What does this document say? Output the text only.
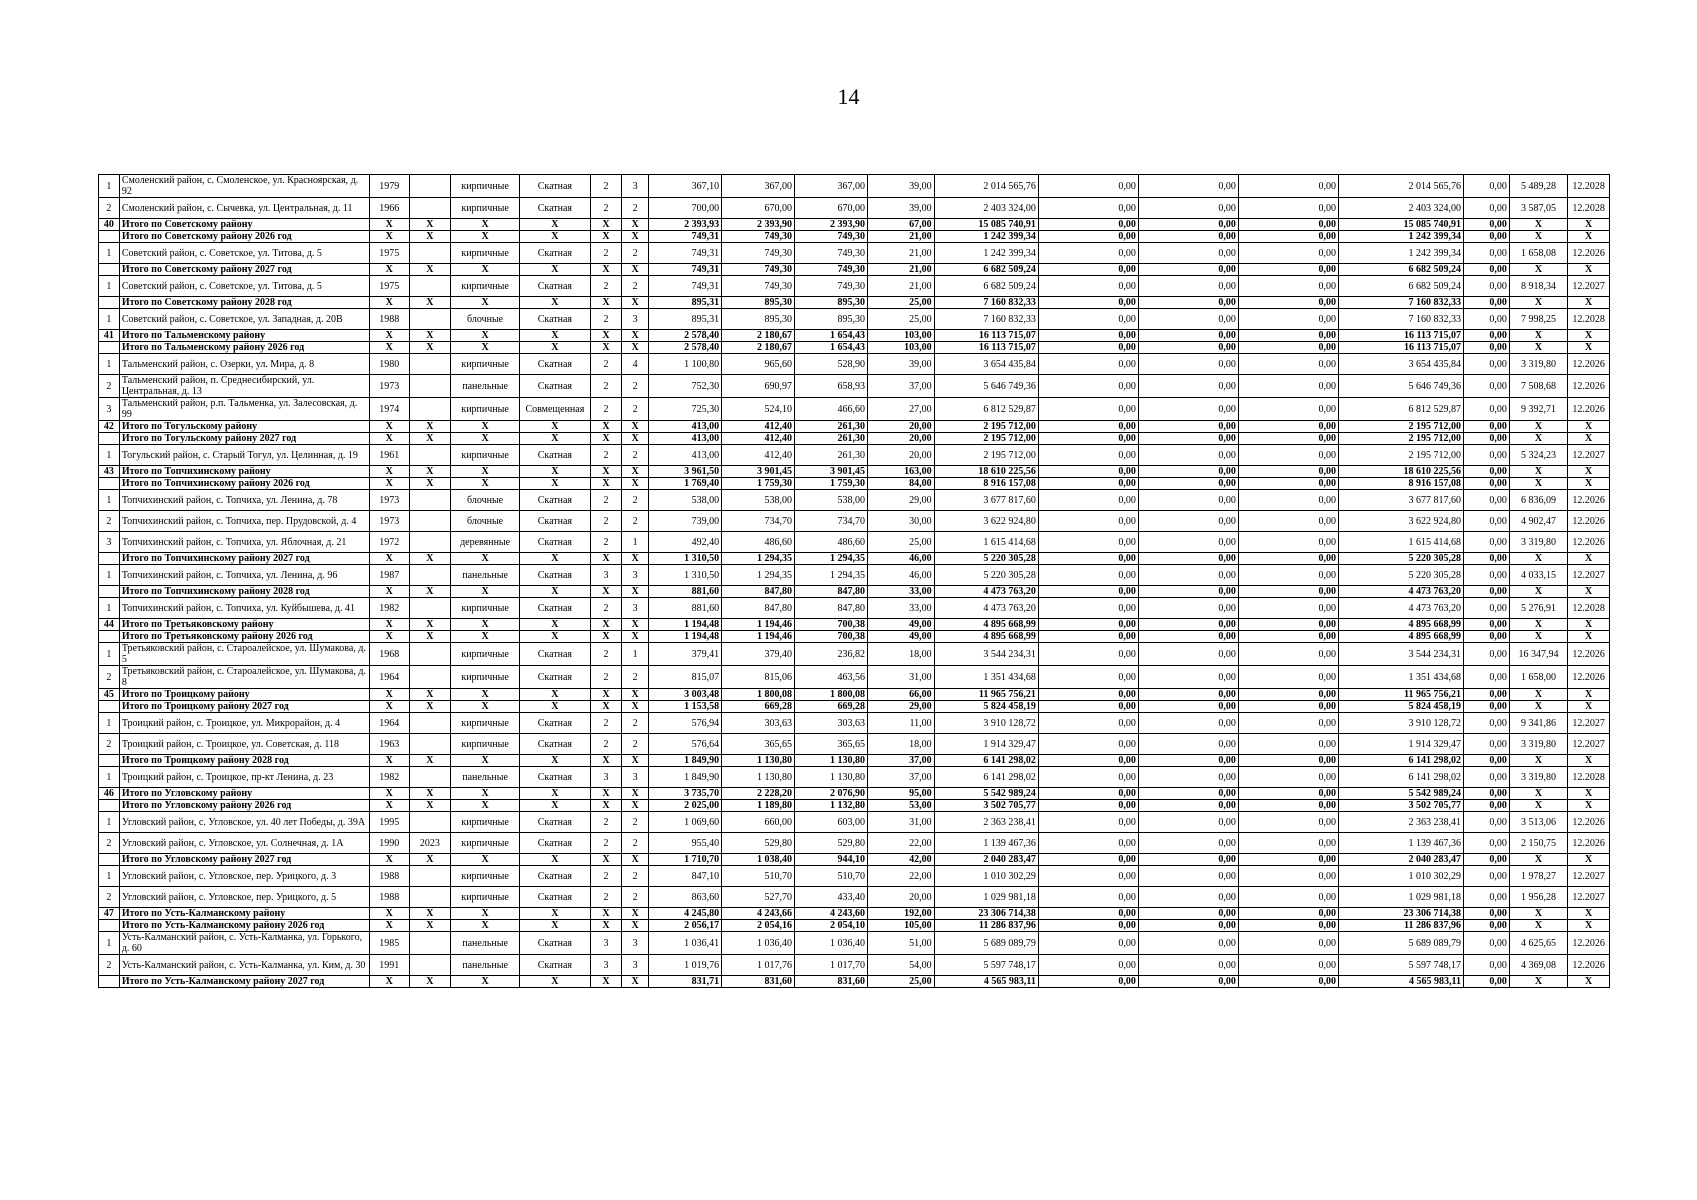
14
1	Смоленский район, с. Смоленское, ул. Красноярская, д. 92	1979		кирпичные	Скатная	2	3	367,10	367,00	367,00	39,00	2 014 565,76	0,00	0,00	0,00	2 014 565,76	0,00	5 489,28	12.2028
2	Смоленский район, с. Сычевка, ул. Центральная, д. 11	1966		кирпичные	Скатная	2	2	700,00	670,00	670,00	39,00	2 403 324,00	0,00	0,00	0,00	2 403 324,00	0,00	3 587,05	12.2028
40	Итого по Советскому району	X	X	X	X	X	X	2 393,93	2 393,90	2 393,90	67,00	15 085 740,91	0,00	0,00	0,00	15 085 740,91	0,00	X	X
	Итого по Советскому району 2026 год	X	X	X	X	X	X	749,31	749,30	749,30	21,00	1 242 399,34	0,00	0,00	0,00	1 242 399,34	0,00	X	X
1	Советский район, с. Советское, ул. Титова, д. 5	1975		кирпичные	Скатная	2	2	749,31	749,30	749,30	21,00	1 242 399,34	0,00	0,00	0,00	1 242 399,34	0,00	1 658,08	12.2026
	Итого по Советскому району 2027 год	X	X	X	X	X	X	749,31	749,30	749,30	21,00	6 682 509,24	0,00	0,00	0,00	6 682 509,24	0,00	X	X
1	Советский район, с. Советское, ул. Титова, д. 5	1975		кирпичные	Скатная	2	2	749,31	749,30	749,30	21,00	6 682 509,24	0,00	0,00	0,00	6 682 509,24	0,00	8 918,34	12.2027
	Итого по Советскому району 2028 год	X	X	X	X	X	X	895,31	895,30	895,30	25,00	7 160 832,33	0,00	0,00	0,00	7 160 832,33	0,00	X	X
1	Советский район, с. Советское, ул. Западная, д. 20В	1988		блочные	Скатная	2	3	895,31	895,30	895,30	25,00	7 160 832,33	0,00	0,00	0,00	7 160 832,33	0,00	7 998,25	12.2028
41	Итого по Тальменскому району	X	X	X	X	X	X	2 578,40	2 180,67	1 654,43	103,00	16 113 715,07	0,00	0,00	0,00	16 113 715,07	0,00	X	X
	Итого по Тальменскому району 2026 год	X	X	X	X	X	X	2 578,40	2 180,67	1 654,43	103,00	16 113 715,07	0,00	0,00	0,00	16 113 715,07	0,00	X	X
1	Тальменский район, с. Озерки, ул. Мира, д. 8	1980		кирпичные	Скатная	2	4	1 100,80	965,60	528,90	39,00	3 654 435,84	0,00	0,00	0,00	3 654 435,84	0,00	3 319,80	12.2026
2	Тальменский район, п. Среднесибирский, ул. Центральная, д. 13	1973		панельные	Скатная	2	2	752,30	690,97	658,93	37,00	5 646 749,36	0,00	0,00	0,00	5 646 749,36	0,00	7 508,68	12.2026
3	Тальменский район, р.п. Тальменка, ул. Залесовская, д. 99	1974		кирпичные	Совмещенная	2	2	725,30	524,10	466,60	27,00	6 812 529,87	0,00	0,00	0,00	6 812 529,87	0,00	9 392,71	12.2026
42	Итого по Тогульскому району	X	X	X	X	X	X	413,00	412,40	261,30	20,00	2 195 712,00	0,00	0,00	0,00	2 195 712,00	0,00	X	X
	Итого по Тогульскому району 2027 год	X	X	X	X	X	X	413,00	412,40	261,30	20,00	2 195 712,00	0,00	0,00	0,00	2 195 712,00	0,00	X	X
1	Тогульский район, с. Старый Тогул, ул. Целинная, д. 19	1961		кирпичные	Скатная	2	2	413,00	412,40	261,30	20,00	2 195 712,00	0,00	0,00	0,00	2 195 712,00	0,00	5 324,23	12.2027
43	Итого по Топчихинскому району	X	X	X	X	X	X	3 961,50	3 901,45	3 901,45	163,00	18 610 225,56	0,00	0,00	0,00	18 610 225,56	0,00	X	X
	Итого по Топчихинскому району 2026 год	X	X	X	X	X	X	1 769,40	1 759,30	1 759,30	84,00	8 916 157,08	0,00	0,00	0,00	8 916 157,08	0,00	X	X
1	Топчихинский район, с. Топчиха, ул. Ленина, д. 78	1973		блочные	Скатная	2	2	538,00	538,00	538,00	29,00	3 677 817,60	0,00	0,00	0,00	3 677 817,60	0,00	6 836,09	12.2026
2	Топчихинский район, с. Топчиха, пер. Прудовской, д. 4	1973		блочные	Скатная	2	2	739,00	734,70	734,70	30,00	3 622 924,80	0,00	0,00	0,00	3 622 924,80	0,00	4 902,47	12.2026
3	Топчихинский район, с. Топчиха, ул. Яблочная, д. 21	1972		деревянные	Скатная	2	1	492,40	486,60	486,60	25,00	1 615 414,68	0,00	0,00	0,00	1 615 414,68	0,00	3 319,80	12.2026
	Итого по Топчихинскому району 2027 год	X	X	X	X	X	X	1 310,50	1 294,35	1 294,35	46,00	5 220 305,28	0,00	0,00	0,00	5 220 305,28	0,00	X	X
1	Топчихинский район, с. Топчиха, ул. Ленина, д. 96	1987		панельные	Скатная	3	3	1 310,50	1 294,35	1 294,35	46,00	5 220 305,28	0,00	0,00	0,00	5 220 305,28	0,00	4 033,15	12.2027
	Итого по Топчихинскому району 2028 год	X	X	X	X	X	X	881,60	847,80	847,80	33,00	4 473 763,20	0,00	0,00	0,00	4 473 763,20	0,00	X	X
1	Топчихинский район, с. Топчиха, ул. Куйбышева, д. 41	1982		кирпичные	Скатная	2	3	881,60	847,80	847,80	33,00	4 473 763,20	0,00	0,00	0,00	4 473 763,20	0,00	5 276,91	12.2028
44	Итого по Третьяковскому району	X	X	X	X	X	X	1 194,48	1 194,46	700,38	49,00	4 895 668,99	0,00	0,00	0,00	4 895 668,99	0,00	X	X
	Итого по Третьяковскому району 2026 год	X	X	X	X	X	X	1 194,48	1 194,46	700,38	49,00	4 895 668,99	0,00	0,00	0,00	4 895 668,99	0,00	X	X
1	Третьяковский район, с. Староалейское, ул. Шумакова, д. 5	1968		кирпичные	Скатная	2	1	379,41	379,40	236,82	18,00	3 544 234,31	0,00	0,00	0,00	3 544 234,31	0,00	16 347,94	12.2026
2	Третьяковский район, с. Староалейское, ул. Шумакова, д. 8	1964		кирпичные	Скатная	2	2	815,07	815,06	463,56	31,00	1 351 434,68	0,00	0,00	0,00	1 351 434,68	0,00	1 658,00	12.2026
45	Итого по Троицкому району	X	X	X	X	X	X	3 003,48	1 800,08	1 800,08	66,00	11 965 756,21	0,00	0,00	0,00	11 965 756,21	0,00	X	X
	Итого по Троицкому району 2027 год	X	X	X	X	X	X	1 153,58	669,28	669,28	29,00	5 824 458,19	0,00	0,00	0,00	5 824 458,19	0,00	X	X
1	Троицкий район, с. Троицкое, ул. Микрорайон, д. 4	1964		кирпичные	Скатная	2	2	576,94	303,63	303,63	11,00	3 910 128,72	0,00	0,00	0,00	3 910 128,72	0,00	9 341,86	12.2027
2	Троицкий район, с. Троицкое, ул. Советская, д. 118	1963		кирпичные	Скатная	2	2	576,64	365,65	365,65	18,00	1 914 329,47	0,00	0,00	0,00	1 914 329,47	0,00	3 319,80	12.2027
	Итого по Троицкому району 2028 год	X	X	X	X	X	X	1 849,90	1 130,80	1 130,80	37,00	6 141 298,02	0,00	0,00	0,00	6 141 298,02	0,00	X	X
1	Троицкий район, с. Троицкое, пр-кт Ленина, д. 23	1982		панельные	Скатная	3	3	1 849,90	1 130,80	1 130,80	37,00	6 141 298,02	0,00	0,00	0,00	6 141 298,02	0,00	3 319,80	12.2028
46	Итого по Угловскому району	X	X	X	X	X	X	3 735,70	2 228,20	2 076,90	95,00	5 542 989,24	0,00	0,00	0,00	5 542 989,24	0,00	X	X
	Итого по Угловскому району 2026 год	X	X	X	X	X	X	2 025,00	1 189,80	1 132,80	53,00	3 502 705,77	0,00	0,00	0,00	3 502 705,77	0,00	X	X
1	Угловский район, с. Угловское, ул. 40 лет Победы, д. 39А	1995		кирпичные	Скатная	2	2	1 069,60	660,00	603,00	31,00	2 363 238,41	0,00	0,00	0,00	2 363 238,41	0,00	3 513,06	12.2026
2	Угловский район, с. Угловское, ул. Солнечная, д. 1А	1990	2023	кирпичные	Скатная	2	2	955,40	529,80	529,80	22,00	1 139 467,36	0,00	0,00	0,00	1 139 467,36	0,00	2 150,75	12.2026
	Итого по Угловскому району 2027 год	X	X	X	X	X	X	1 710,70	1 038,40	944,10	42,00	2 040 283,47	0,00	0,00	0,00	2 040 283,47	0,00	X	X
1	Угловский район, с. Угловское, пер. Урицкого, д. 3	1988		кирпичные	Скатная	2	2	847,10	510,70	510,70	22,00	1 010 302,29	0,00	0,00	0,00	1 010 302,29	0,00	1 978,27	12.2027
2	Угловский район, с. Угловское, пер. Урицкого, д. 5	1988		кирпичные	Скатная	2	2	863,60	527,70	433,40	20,00	1 029 981,18	0,00	0,00	0,00	1 029 981,18	0,00	1 956,28	12.2027
47	Итого по Усть-Калманскому району	X	X	X	X	X	X	4 245,80	4 243,66	4 243,60	192,00	23 306 714,38	0,00	0,00	0,00	23 306 714,38	0,00	X	X
	Итого по Усть-Калманскому району 2026 год	X	X	X	X	X	X	2 056,17	2 054,16	2 054,10	105,00	11 286 837,96	0,00	0,00	0,00	11 286 837,96	0,00	X	X
1	Усть-Калманский район, с. Усть-Калманка, ул. Горького, д. 60	1985		панельные	Скатная	3	3	1 036,41	1 036,40	1 036,40	51,00	5 689 089,79	0,00	0,00	0,00	5 689 089,79	0,00	4 625,65	12.2026
2	Усть-Калманский район, с. Усть-Калманка, ул. Ким, д. 30	1991		панельные	Скатная	3	3	1 019,76	1 017,76	1 017,70	54,00	5 597 748,17	0,00	0,00	0,00	5 597 748,17	0,00	4 369,08	12.2026
	Итого по Усть-Калманскому району 2027 год	X	X	X	X	X	X	831,71	831,60	831,60	25,00	4 565 983,11	0,00	0,00	0,00	4 565 983,11	0,00	X	X
